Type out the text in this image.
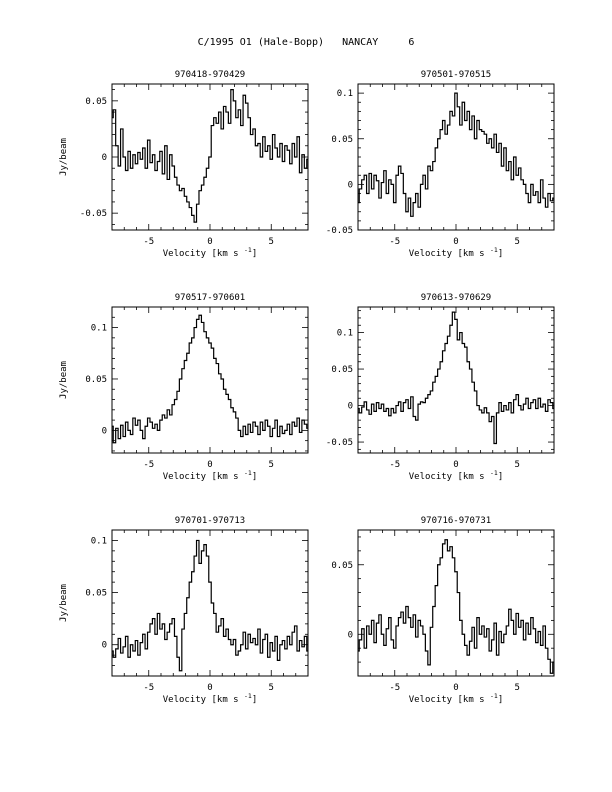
C/1995 O1 (Hale-Bopp)   NANCAY     6
-5	0	5
-0.05
0
0.05
970418-970429
Velocity [km s $^{-1}$]
Jy/beam
-5	0	5
-0.05
0
0.05
0.1
970501-970515
Velocity [km s $^{-1}$]
-5	0	5
0
0.05
0.1
970517-970601
Velocity [km s $^{-1}$]
Jy/beam
-5	0	5
-0.05
0
0.05
0.1
970613-970629
Velocity [km s $^{-1}$]
-5	0	5
0
0.05
0.1
970701-970713
Velocity [km s $^{-1}$]
Jy/beam
-5	0	5
0
0.05
970716-970731
Velocity [km s $^{-1}$]
